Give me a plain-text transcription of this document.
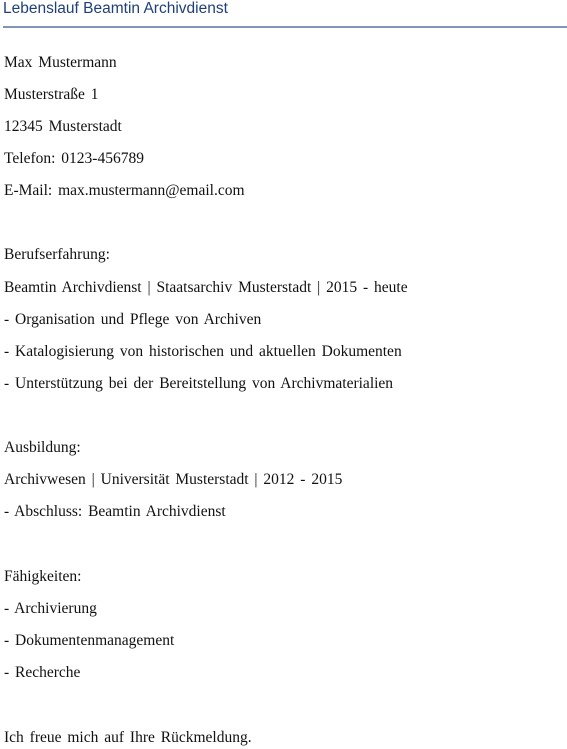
Lebenslauf Beamtin Archivdienst
Max Mustermann
Musterstraße 1
12345 Musterstadt
Telefon: 0123-456789
E-Mail: max.mustermann@email.com
Berufserfahrung:
Beamtin Archivdienst | Staatsarchiv Musterstadt | 2015 - heute
- Organisation und Pflege von Archiven
- Katalogisierung von historischen und aktuellen Dokumenten
- Unterstützung bei der Bereitstellung von Archivmaterialien
Ausbildung:
Archivwesen | Universität Musterstadt | 2012 - 2015
- Abschluss: Beamtin Archivdienst
Fähigkeiten:
- Archivierung
- Dokumentenmanagement
- Recherche
Ich freue mich auf Ihre Rückmeldung.
